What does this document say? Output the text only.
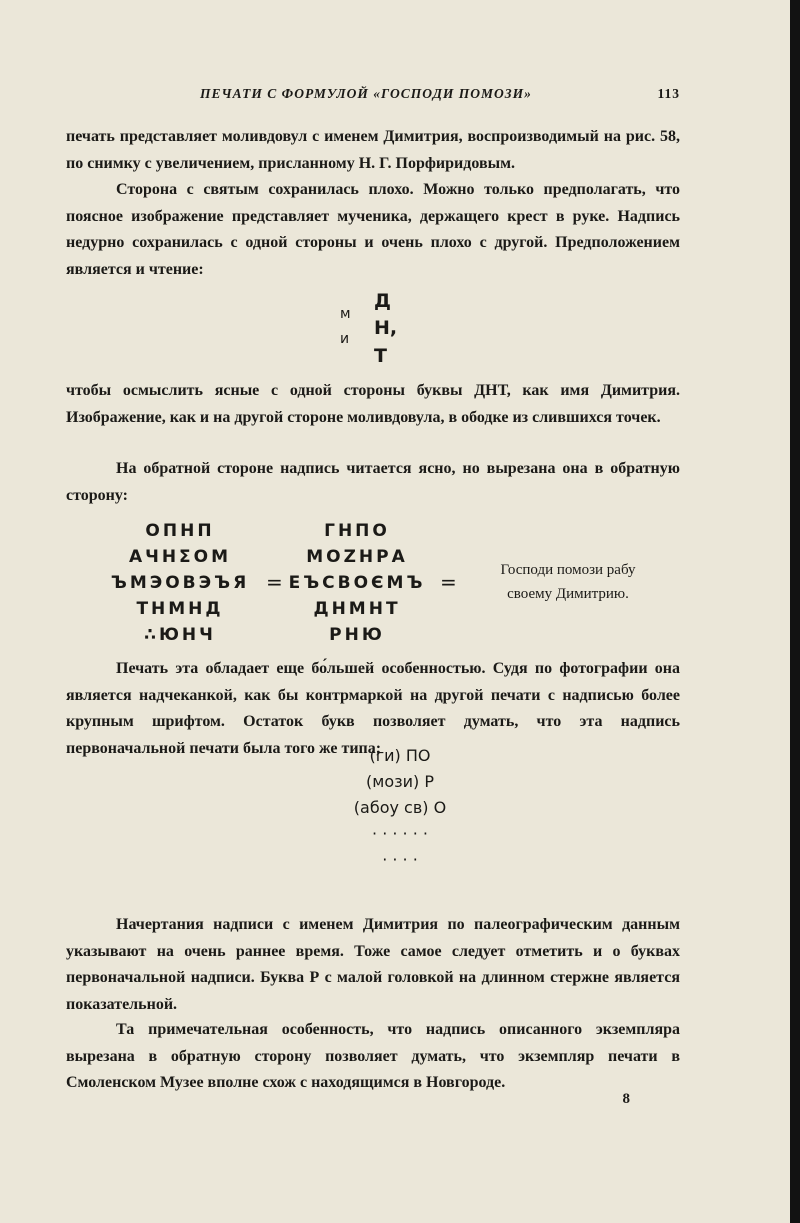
ПЕЧАТИ С ФОРМУЛОЙ «ГОСПОДИ ПОМОЗИ»	113

печать представляет моливдовул с именем Димитрия, воспроизводимый на рис. 58, по снимку с увеличением, присланному Н. Г. Порфиридовым.

Сторона с святым сохранилась плохо. Можно только предполагать, что поясное изображение представляет мученика, держащего крест в руке. Надпись недурно сохранилась с одной стороны и очень плохо с другой. Предположением является и чтение:

м
и
Д
Н,
Т

чтобы осмыслить ясные с одной стороны буквы ДНТ, как имя Димитрия. Изображение, как и на другой стороне моливдовула, в ободке из слившихся точек.

На обратной стороне надпись читается ясно, но вырезана она в обратную сторону:

ОПНП
АЧНΣОМ
ЪМЭОВЭЪЯ
ТНМНД
∴ЮНЧ
=
ГНПО
МОΖНРА
ЕЪСВОЄМЪ
ДНМНТ
РНЮ
=	Господи помози рабу
своему Димитрию.

Печать эта обладает еще бо́льшей особенностью. Судя по фотографии она является надчеканкой, как бы контрмаркой на другой печати с надписью более крупным шрифтом. Остаток букв позволяет думать, что эта надпись первоначальной печати была того же типа;

(ги) ПО
(мози) Р
(абоу св) О
· · · · · ·
· · · ·

Начертания надписи с именем Димитрия по палеографическим данным указывают на очень раннее время. Тоже самое следует отметить и о буквах первоначальной надписи. Буква Р с малой головкой на длинном стержне является показательной.

Та примечательная особенность, что надпись описанного экземпляра вырезана в обратную сторону позволяет думать, что экземпляр печати в Смоленском Музее вполне схож с находящимся в Новгороде.

8
